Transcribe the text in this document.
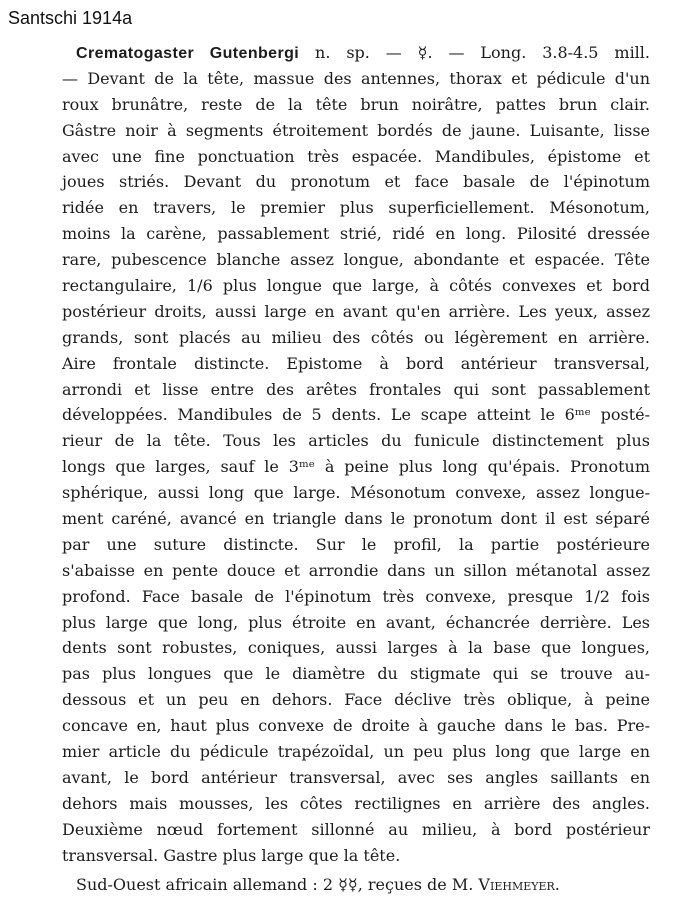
Santschi 1914a
Crematogaster Gutenbergi n. sp. — ☿. — Long. 3.8-4.5 mill.
— Devant de la tête, massue des antennes, thorax et pédicule d'un
roux brunâtre, reste de la tête brun noirâtre, pattes brun clair.
Gâstre noir à segments étroitement bordés de jaune. Luisante, lisse
avec une fine ponctuation très espacée. Mandibules, épistome et
joues striés. Devant du pronotum et face basale de l'épinotum
ridée en travers, le premier plus superficiellement. Mésonotum,
moins la carène, passablement strié, ridé en long. Pilosité dressée
rare, pubescence blanche assez longue, abondante et espacée. Tête
rectangulaire, 1/6 plus longue que large, à côtés convexes et bord
postérieur droits, aussi large en avant qu'en arrière. Les yeux, assez
grands, sont placés au milieu des côtés ou légèrement en arrière.
Aire frontale distincte. Epistome à bord antérieur transversal,
arrondi et lisse entre des arêtes frontales qui sont passablement
développées. Mandibules de 5 dents. Le scape atteint le 6ᵐᵉ posté-
rieur de la tête. Tous les articles du funicule distinctement plus
longs que larges, sauf le 3ᵐᵉ à peine plus long qu'épais. Pronotum
sphérique, aussi long que large. Mésonotum convexe, assez longue-
ment caréné, avancé en triangle dans le pronotum dont il est séparé
par une suture distincte. Sur le profil, la partie postérieure
s'abaisse en pente douce et arrondie dans un sillon métanotal assez
profond. Face basale de l'épinotum très convexe, presque 1/2 fois
plus large que long, plus étroite en avant, échancrée derrière. Les
dents sont robustes, coniques, aussi larges à la base que longues,
pas plus longues que le diamètre du stigmate qui se trouve au-
dessous et un peu en dehors. Face déclive très oblique, à peine
concave en, haut plus convexe de droite à gauche dans le bas. Pre-
mier article du pédicule trapézoïdal, un peu plus long que large en
avant, le bord antérieur transversal, avec ses angles saillants en
dehors mais mousses, les côtes rectilignes en arrière des angles.
Deuxième nœud fortement sillonné au milieu, à bord postérieur
transversal. Gastre plus large que la tête.
Sud-Ouest africain allemand : 2 ☿☿, reçues de M. Viehmeyer.
